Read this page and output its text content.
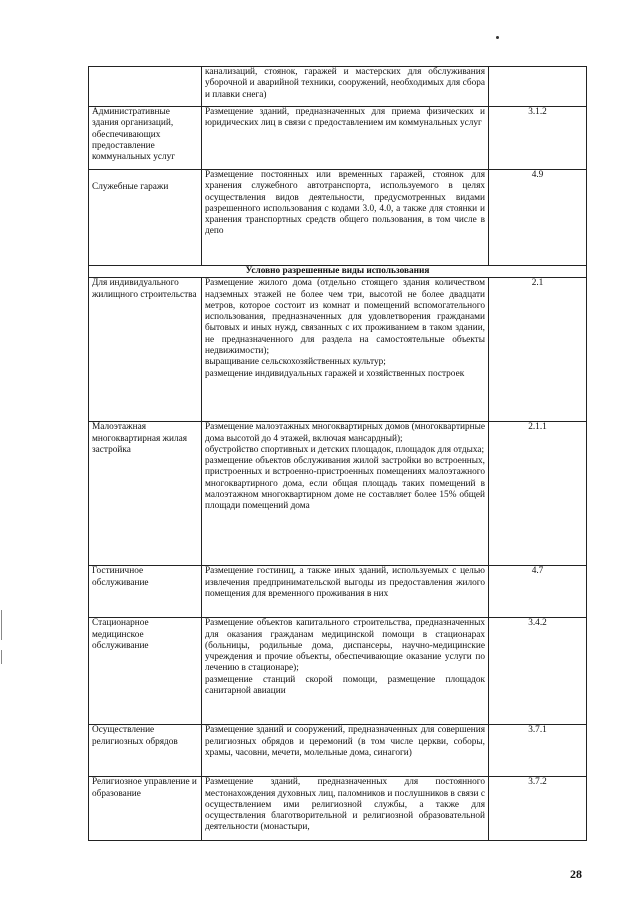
	канализаций, стоянок, гаражей и мастерских для обслуживания уборочной и аварийной техники, сооружений, необходимых для сбора и плавки снега)	

Административные здания организаций, обеспечивающих предоставление коммунальных услуг	Размещение зданий, предназначенных для приема физических и юридических лиц в связи с предоставлением им коммунальных услуг	3.1.2
Служебные гаражи	Размещение постоянных или временных гаражей, стоянок для хранения служебного автотранспорта, используемого в целях осуществления видов деятельности, предусмотренных видами разрешенного использования с кодами 3.0, 4.0, а также для стоянки и хранения транспортных средств общего пользования, в том числе в депо	4.9
Условно разрешенные виды использования		
Для индивидуального жилищного строительства	Размещение жилого дома (отдельно стоящего здания количеством надземных этажей не более чем три, высотой не более двадцати метров, которое состоит из комнат и помещений вспомогательного использования, предназначенных для удовлетворения гражданами бытовых и иных нужд, связанных с их проживанием в таком здании, не предназначенного для раздела на самостоятельные объекты недвижимости);
выращивание сельскохозяйственных культур;
размещение индивидуальных гаражей и хозяйственных построек	2.1
Малоэтажная многоквартирная жилая застройка	Размещение малоэтажных многоквартирных домов (многоквартирные дома высотой до 4 этажей, включая мансардный);
обустройство спортивных и детских площадок, площадок для отдыха;
размещение объектов обслуживания жилой застройки во встроенных, пристроенных и встроенно-пристроенных помещениях малоэтажного многоквартирного дома, если общая площадь таких помещений в малоэтажном многоквартирном доме не составляет более 15% общей площади помещений дома	2.1.1
Гостиничное обслуживание	Размещение гостиниц, а также иных зданий, используемых с целью извлечения предпринимательской выгоды из предоставления жилого помещения для временного проживания в них	4.7
Стационарное медицинское обслуживание	Размещение объектов капитального строительства, предназначенных для оказания гражданам медицинской помощи в стационарах (больницы, родильные дома, диспансеры, научно-медицинские учреждения и прочие объекты, обеспечивающие оказание услуги по лечению в стационаре);
размещение станций скорой помощи, размещение площадок санитарной авиации	3.4.2
Осуществление религиозных обрядов	Размещение зданий и сооружений, предназначенных для совершения религиозных обрядов и церемоний (в том числе церкви, соборы, храмы, часовни, мечети, молельные дома, синагоги)	3.7.1
Религиозное управление и образование	Размещение зданий, предназначенных для постоянного местонахождения духовных лиц, паломников и послушников в связи с осуществлением ими религиозной службы, а также для осуществления благотворительной и религиозной образовательной деятельности (монастыри,	3.7.2
28
